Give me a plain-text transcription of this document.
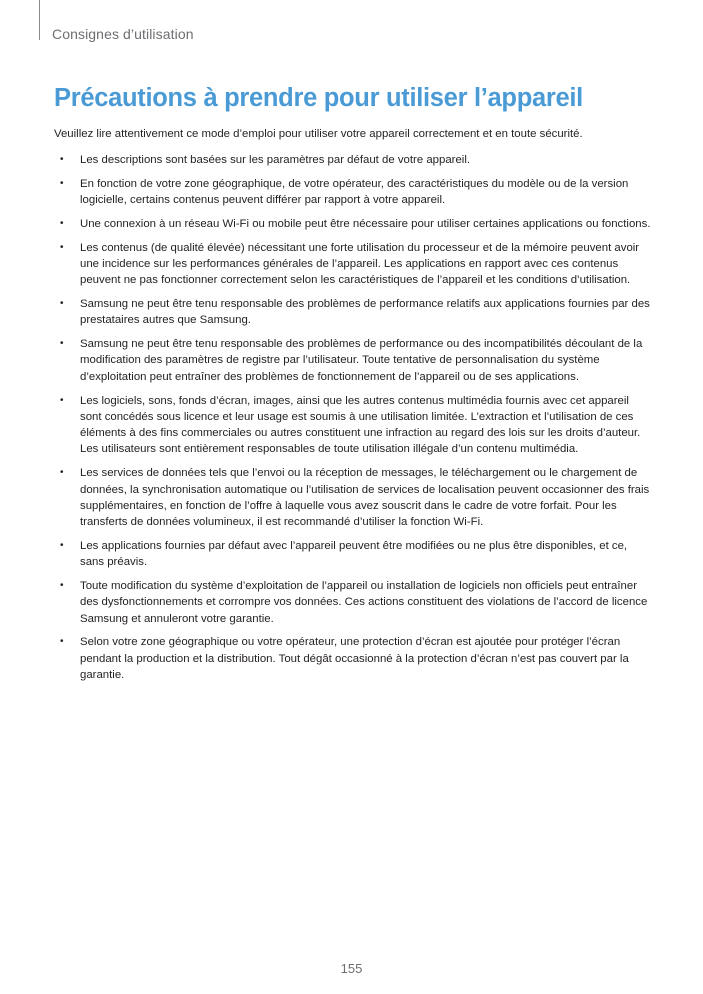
Consignes d’utilisation
Précautions à prendre pour utiliser l’appareil

Veuillez lire attentivement ce mode d’emploi pour utiliser votre appareil correctement et en toute sécurité.

• Les descriptions sont basées sur les paramètres par défaut de votre appareil.
• En fonction de votre zone géographique, de votre opérateur, des caractéristiques du modèle ou de la version logicielle, certains contenus peuvent différer par rapport à votre appareil.
• Une connexion à un réseau Wi-Fi ou mobile peut être nécessaire pour utiliser certaines applications ou fonctions.
• Les contenus (de qualité élevée) nécessitant une forte utilisation du processeur et de la mémoire peuvent avoir une incidence sur les performances générales de l’appareil. Les applications en rapport avec ces contenus peuvent ne pas fonctionner correctement selon les caractéristiques de l’appareil et les conditions d’utilisation.
• Samsung ne peut être tenu responsable des problèmes de performance relatifs aux applications fournies par des prestataires autres que Samsung.
• Samsung ne peut être tenu responsable des problèmes de performance ou des incompatibilités découlant de la modification des paramètres de registre par l’utilisateur. Toute tentative de personnalisation du système d’exploitation peut entraîner des problèmes de fonctionnement de l’appareil ou de ses applications.
• Les logiciels, sons, fonds d’écran, images, ainsi que les autres contenus multimédia fournis avec cet appareil sont concédés sous licence et leur usage est soumis à une utilisation limitée. L’extraction et l’utilisation de ces éléments à des fins commerciales ou autres constituent une infraction au regard des lois sur les droits d’auteur. Les utilisateurs sont entièrement responsables de toute utilisation illégale d’un contenu multimédia.
• Les services de données tels que l’envoi ou la réception de messages, le téléchargement ou le chargement de données, la synchronisation automatique ou l’utilisation de services de localisation peuvent occasionner des frais supplémentaires, en fonction de l’offre à laquelle vous avez souscrit dans le cadre de votre forfait. Pour les transferts de données volumineux, il est recommandé d’utiliser la fonction Wi-Fi.
• Les applications fournies par défaut avec l’appareil peuvent être modifiées ou ne plus être disponibles, et ce, sans préavis.
• Toute modification du système d’exploitation de l’appareil ou installation de logiciels non officiels peut entraîner des dysfonctionnements et corrompre vos données. Ces actions constituent des violations de l’accord de licence Samsung et annuleront votre garantie.
• Selon votre zone géographique ou votre opérateur, une protection d’écran est ajoutée pour protéger l’écran pendant la production et la distribution. Tout dégât occasionné à la protection d’écran n’est pas couvert par la garantie.
155
